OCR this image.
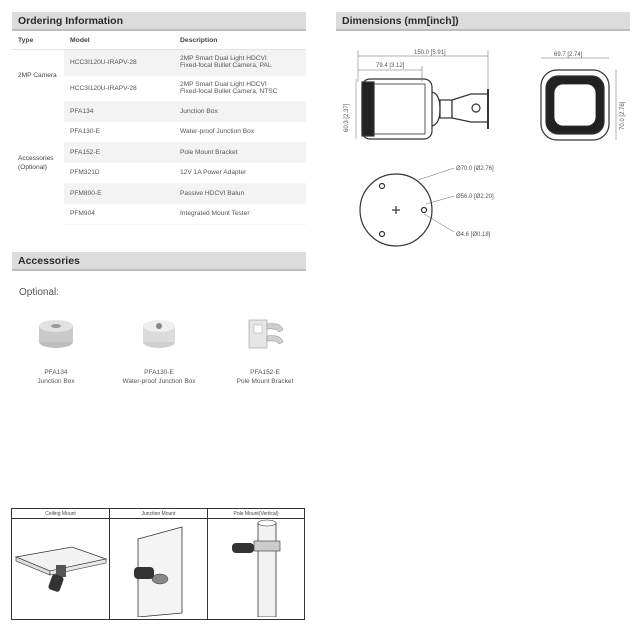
Ordering Information
Type	Model	Description

2MP Camera	HCC3I120U-IRAPV-28	2MP Smart Dual Light HDCVI
Fixed-focal Bullet Camera, PAL

	HCC3I120U-IRAPV-28	2MP Smart Dual Light HDCVI
Fixed-focal Bullet Camera, NTSC

Accessories (Optional)	PFA134	Junction Box
	PFA130-E	Water-proof Junction Box
	PFA152-E	Pole Mount Bracket
	PFM321D	12V 1A Power Adapter
	PFM800-E	Passive HDCVI Balun
	PFM904	Integrated Mount Tester
Dimensions (mm[inch])
150.0 [5.91]
79.4 [3.12]
60.3 [2.37]
69.7 [2.74]
70.0 [2.76]
Ø70.0 [Ø2.76]
Ø56.0 [Ø2.20]
Ø4.6 [Ø0.18]
Accessories
Optional:
PFA134
Junction Box
PFA130-E
Water-proof Junction Box
PFA152-E
Pole Mount Bracket
Ceiling Mount	Junction Mount	Pole Mount(Vertical)
